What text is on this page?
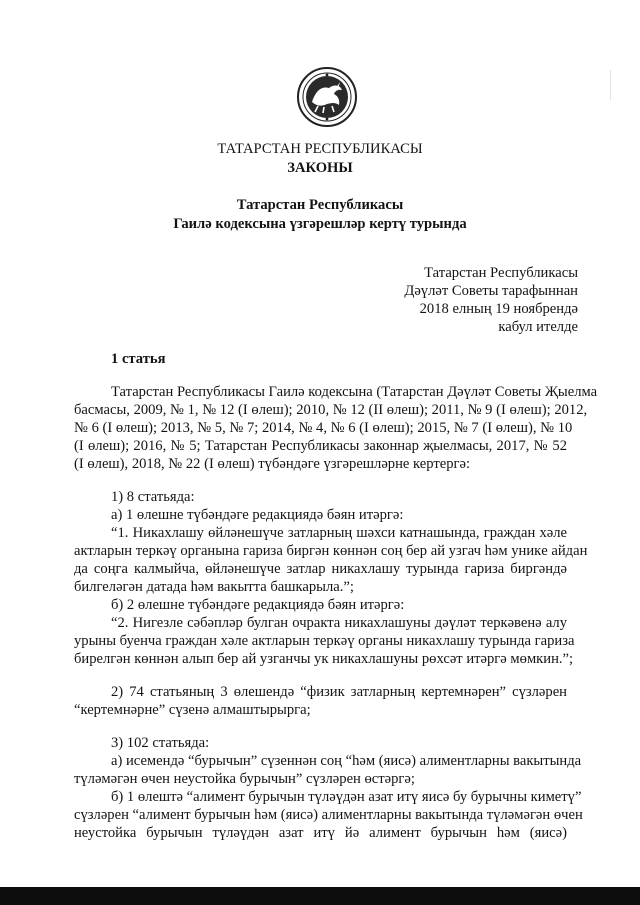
ТАТАРСТАН РЕСПУБЛИКАСЫ
ЗАКОНЫ
Татарстан Республикасы
Гаилә кодексына үзгәрешләр кертү турында
Татарстан Республикасы
Дәүләт Советы тарафыннан
2018 елның 19 ноябрендә
кабул ителде
1 статья
Татарстан Республикасы Гаилә кодексына (Татарстан Дәүләт Советы Җыелма
басмасы, 2009, № 1, № 12 (I өлеш); 2010, № 12 (II өлеш); 2011, № 9 (I өлеш); 2012,
№ 6 (I өлеш); 2013, № 5, № 7; 2014, № 4, № 6 (I өлеш); 2015, № 7 (I өлеш), № 10
(I өлеш); 2016, № 5; Татарстан Республикасы законнар җыелмасы, 2017, № 52
(I өлеш), 2018, № 22 (I өлеш) түбәндәге үзгәрешләрне кертергә:
1) 8 статьяда:
а) 1 өлешне түбәндәге редакциядә бәян итәргә:
“1. Никахлашу өйләнешүче затларның шәхси катнашында, граждан хәле
актларын теркәү органына гариза биргән көннән соң бер ай узгач һәм уникe айдан
да соңга калмыйча, өйләнешүче затлар никахлашу турында гариза биргәндә
билгеләгән датада һәм вакытта башкарыла.”;
б) 2 өлешне түбәндәге редакциядә бәян итәргә:
“2. Нигезле сәбәпләр булган очракта никахлашуны дәүләт теркәвенә алу
урыны буенча граждан хәле актларын теркәү органы никахлашу турында гариза
бирелгән көннән алып бер ай узганчы ук никахлашуны рөхсәт итәргә мөмкин.”;
2) 74 статьяның 3 өлешендә “физик затларның кертемнәрен” сүзләрен
“кертемнәрне” сүзенә алмаштырырга;
3) 102 статьяда:
а) исемендә “бурычын” сүзеннән соң “һәм (яисә) алиментларны вакытында
түләмәгән өчен неустойка бурычын” сүзләрен өстәргә;
б) 1 өлештә “алимент бурычын түләүдән азат итү яисә бу бурычны киметү”
сүзләрен “алимент бурычын һәм (яисә) алиментларны вакытында түләмәгән өчен
неустойка бурычын түләүдән азат итү йә алимент бурычын һәм (яисә)
